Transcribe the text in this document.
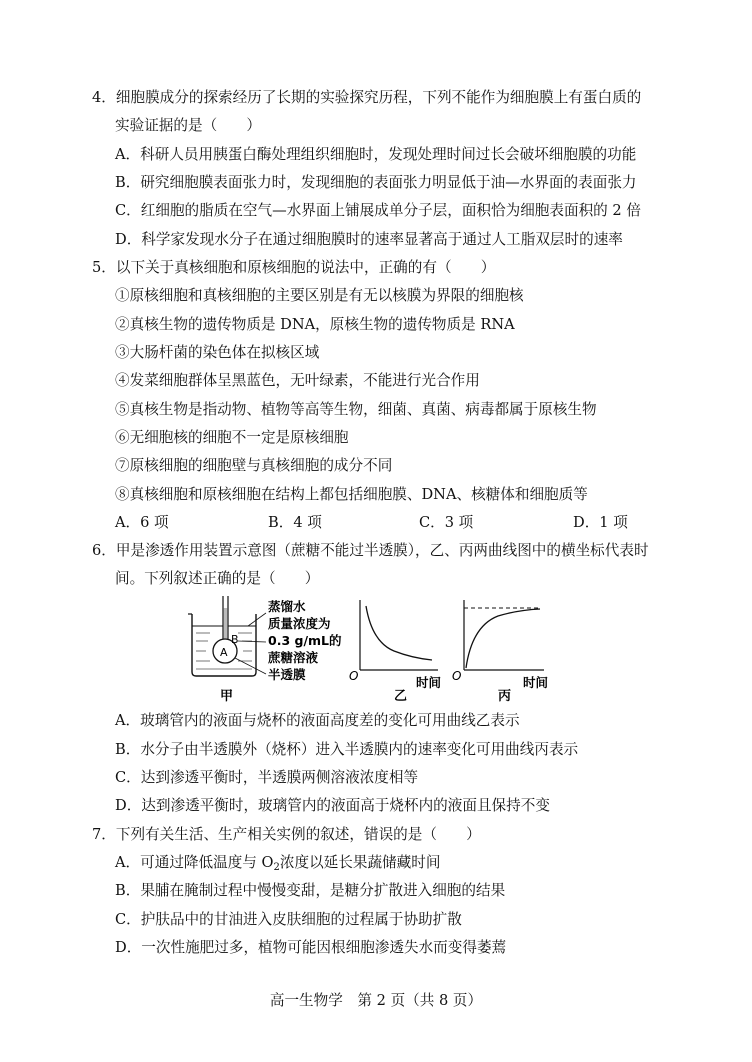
4．细胞膜成分的探索经历了长期的实验探究历程，下列不能作为细胞膜上有蛋白质的
实验证据的是（　　）
A．科研人员用胰蛋白酶处理组织细胞时，发现处理时间过长会破坏细胞膜的功能
B．研究细胞膜表面张力时，发现细胞的表面张力明显低于油—水界面的表面张力
C．红细胞的脂质在空气—水界面上铺展成单分子层，面积恰为细胞表面积的 2 倍
D．科学家发现水分子在通过细胞膜时的速率显著高于通过人工脂双层时的速率
5．以下关于真核细胞和原核细胞的说法中，正确的有（　　）
①原核细胞和真核细胞的主要区别是有无以核膜为界限的细胞核
②真核生物的遗传物质是 DNA，原核生物的遗传物质是 RNA
③大肠杆菌的染色体在拟核区域
④发菜细胞群体呈黑蓝色，无叶绿素，不能进行光合作用
⑤真核生物是指动物、植物等高等生物，细菌、真菌、病毒都属于原核生物
⑥无细胞核的细胞不一定是原核细胞
⑦原核细胞的细胞壁与真核细胞的成分不同
⑧真核细胞和原核细胞在结构上都包括细胞膜、DNA、核糖体和细胞质等
A．6 项	B．4 项	C．3 项	D．1 项
6．甲是渗透作用装置示意图（蔗糖不能过半透膜），乙、丙两曲线图中的横坐标代表时
间。下列叙述正确的是（　　）
A
B
蒸馏水
质量浓度为
0.3 g/mL的
蔗糖溶液
半透膜
甲
O	时间
乙
O	时间
丙
A．玻璃管内的液面与烧杯的液面高度差的变化可用曲线乙表示
B．水分子由半透膜外（烧杯）进入半透膜内的速率变化可用曲线丙表示
C．达到渗透平衡时，半透膜两侧溶液浓度相等
D．达到渗透平衡时，玻璃管内的液面高于烧杯内的液面且保持不变
7．下列有关生活、生产相关实例的叙述，错误的是（　　）
A．可通过降低温度与 $O_2$浓度以延长果蔬储藏时间
B．果脯在腌制过程中慢慢变甜，是糖分扩散进入细胞的结果
C．护肤品中的甘油进入皮肤细胞的过程属于协助扩散
D．一次性施肥过多，植物可能因根细胞渗透失水而变得萎蔫
高一生物学　第 2 页（共 8 页）
